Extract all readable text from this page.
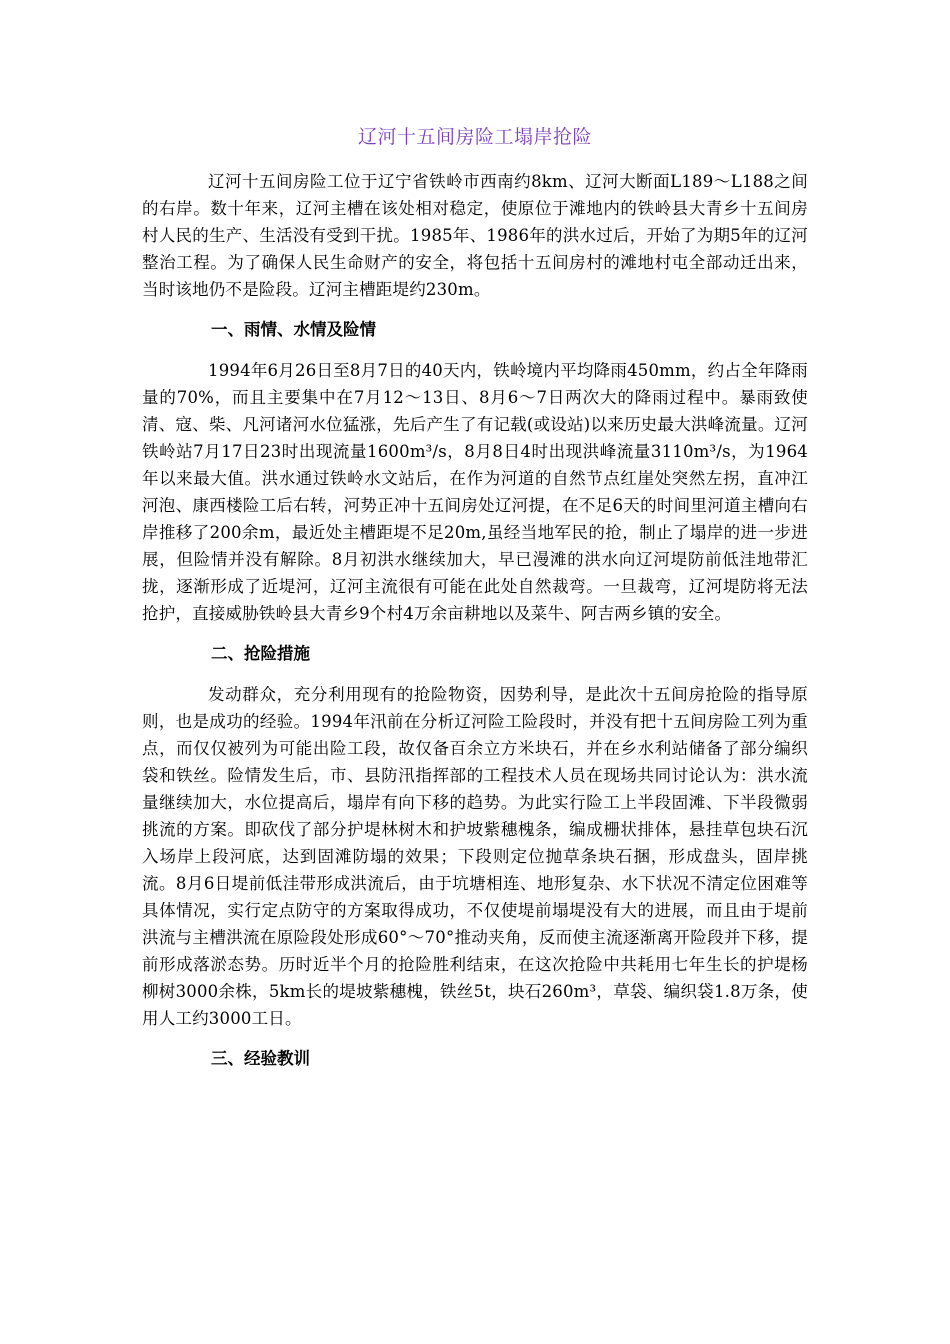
辽河十五间房险工塌岸抢险

辽河十五间房险工位于辽宁省铁岭市西南约8km、辽河大断面L189～L188之间的右岸。数十年来，辽河主槽在该处相对稳定，使原位于滩地内的铁岭县大青乡十五间房村人民的生产、生活没有受到干扰。1985年、1986年的洪水过后，开始了为期5年的辽河整治工程。为了确保人民生命财产的安全，将包括十五间房村的滩地村屯全部动迁出来，当时该地仍不是险段。辽河主槽距堤约230m。

一、雨情、水情及险情

1994年6月26日至8月7日的40天内，铁岭境内平均降雨450mm，约占全年降雨量的70%，而且主要集中在7月12～13日、8月6～7日两次大的降雨过程中。暴雨致使清、寇、柴、凡河诸河水位猛涨，先后产生了有记载(或设站)以来历史最大洪峰流量。辽河铁岭站7月17日23时出现流量1600m³/s，8月8日4时出现洪峰流量3110m³/s，为1964年以来最大值。洪水通过铁岭水文站后，在作为河道的自然节点红崖处突然左拐，直冲江河泡、康西楼险工后右转，河势正冲十五间房处辽河提，在不足6天的时间里河道主槽向右岸推移了200余m，最近处主槽距堤不足20m,虽经当地军民的抢，制止了塌岸的进一步进展，但险情并没有解除。8月初洪水继续加大，早已漫滩的洪水向辽河堤防前低洼地带汇拢，逐渐形成了近堤河，辽河主流很有可能在此处自然裁弯。一旦裁弯，辽河堤防将无法抢护，直接威胁铁岭县大青乡9个村4万余亩耕地以及菜牛、阿吉两乡镇的安全。

二、抢险措施

发动群众，充分利用现有的抢险物资，因势利导，是此次十五间房抢险的指导原则，也是成功的经验。1994年汛前在分析辽河险工险段时，并没有把十五间房险工列为重点，而仅仅被列为可能出险工段，故仅备百余立方米块石，并在乡水利站储备了部分编织袋和铁丝。险情发生后，市、县防汛指挥部的工程技术人员在现场共同讨论认为：洪水流量继续加大，水位提高后，塌岸有向下移的趋势。为此实行险工上半段固滩、下半段微弱挑流的方案。即砍伐了部分护堤林树木和护坡紫穗槐条，编成栅状排体，悬挂草包块石沉入场岸上段河底，达到固滩防塌的效果；下段则定位抛草条块石捆，形成盘头，固岸挑流。8月6日堤前低洼带形成洪流后，由于坑塘相连、地形复杂、水下状况不清定位困难等具体情况，实行定点防守的方案取得成功，不仅使堤前塌堤没有大的进展，而且由于堤前洪流与主槽洪流在原险段处形成60°～70°推动夹角，反而使主流逐渐离开险段并下移，提前形成落淤态势。历时近半个月的抢险胜利结束，在这次抢险中共耗用七年生长的护堤杨柳树3000余株，5km长的堤坡紫穗槐，铁丝5t，块石260m³，草袋、编织袋1.8万条，使用人工约3000工日。

三、经验教训
